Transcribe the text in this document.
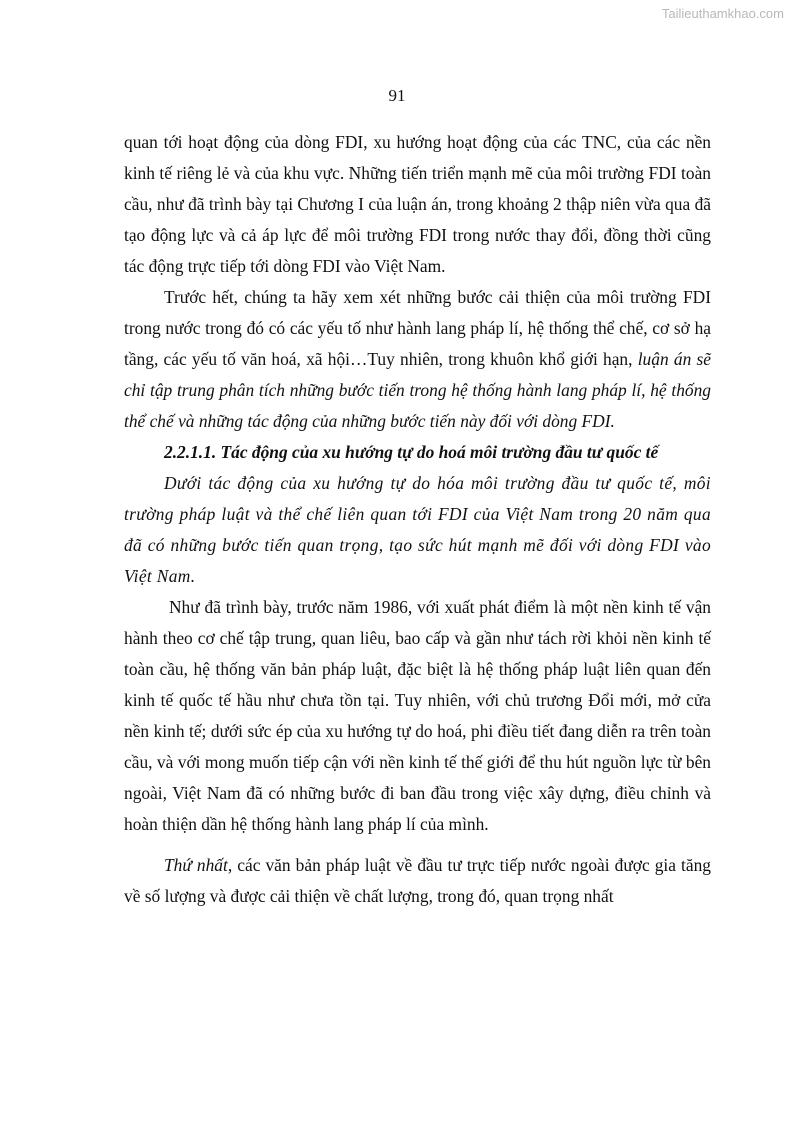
Tailieuthamkhao.com
91

quan tới hoạt động của dòng FDI, xu hướng hoạt động của các TNC, của các nền kinh tế riêng lẻ và của khu vực. Những tiến triển mạnh mẽ của môi trường FDI toàn cầu, như đã trình bày tại Chương I của luận án, trong khoảng 2 thập niên vừa qua đã tạo động lực và cả áp lực để môi trường FDI trong nước thay đổi, đồng thời cũng tác động trực tiếp tới dòng FDI vào Việt Nam.

Trước hết, chúng ta hãy xem xét những bước cải thiện của môi trường FDI trong nước trong đó có các yếu tố như hành lang pháp lí, hệ thống thể chế, cơ sở hạ tầng, các yếu tố văn hoá, xã hội…Tuy nhiên, trong khuôn khổ giới hạn, luận án sẽ chỉ tập trung phân tích những bước tiến trong hệ thống hành lang pháp lí, hệ thống thể chế và những tác động của những bước tiến này đối với dòng FDI.

2.2.1.1. Tác động của xu hướng tự do hoá môi trường đầu tư quốc tế

Dưới tác động của xu hướng tự do hóa môi trường đầu tư quốc tế, môi trường pháp luật và thể chế liên quan tới FDI của Việt Nam trong 20 năm qua đã có những bước tiến quan trọng, tạo sức hút mạnh mẽ đối với dòng FDI vào Việt Nam.

Như đã trình bày, trước năm 1986, với xuất phát điểm là một nền kinh tế vận hành theo cơ chế tập trung, quan liêu, bao cấp và gần như tách rời khỏi nền kinh tế toàn cầu, hệ thống văn bản pháp luật, đặc biệt là hệ thống pháp luật liên quan đến kinh tế quốc tế hầu như chưa tồn tại. Tuy nhiên, với chủ trương Đổi mới, mở cửa nền kinh tế; dưới sức ép của xu hướng tự do hoá, phi điều tiết đang diễn ra trên toàn cầu, và với mong muốn tiếp cận với nền kinh tế thế giới để thu hút nguồn lực từ bên ngoài, Việt Nam đã có những bước đi ban đầu trong việc xây dựng, điều chỉnh và hoàn thiện dần hệ thống hành lang pháp lí của mình.

Thứ nhất, các văn bản pháp luật về đầu tư trực tiếp nước ngoài được gia tăng về số lượng và được cải thiện về chất lượng, trong đó, quan trọng nhất
